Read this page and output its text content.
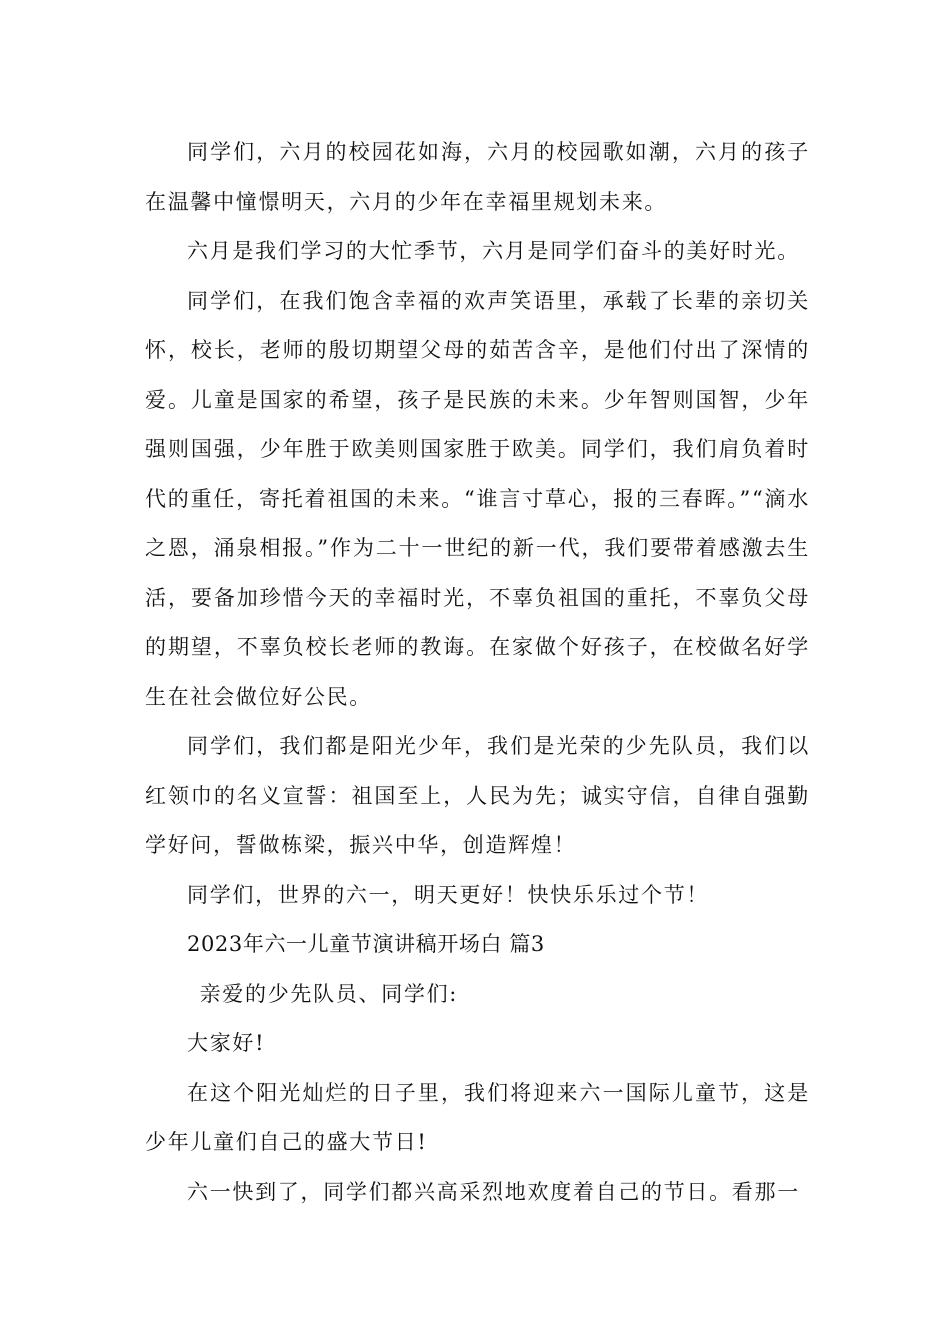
同学们，六月的校园花如海，六月的校园歌如潮，六月的孩子在温馨中憧憬明天，六月的少年在幸福里规划未来。

六月是我们学习的大忙季节，六月是同学们奋斗的美好时光。

同学们，在我们饱含幸福的欢声笑语里，承载了长辈的亲切关怀，校长，老师的殷切期望父母的茹苦含辛，是他们付出了深情的爱。儿童是国家的希望，孩子是民族的未来。少年智则国智，少年强则国强，少年胜于欧美则国家胜于欧美。同学们，我们肩负着时代的重任，寄托着祖国的未来。“谁言寸草心，报的三春晖。”“滴水之恩，涌泉相报。”作为二十一世纪的新一代，我们要带着感激去生活，要备加珍惜今天的幸福时光，不辜负祖国的重托，不辜负父母的期望，不辜负校长老师的教诲。在家做个好孩子，在校做名好学生在社会做位好公民。

同学们，我们都是阳光少年，我们是光荣的少先队员，我们以红领巾的名义宣誓：祖国至上，人民为先；诚实守信，自律自强勤学好问，誓做栋梁，振兴中华，创造辉煌！

同学们，世界的六一，明天更好！快快乐乐过个节！

2023年六一儿童节演讲稿开场白 篇3

亲爱的少先队员、同学们:

大家好!

在这个阳光灿烂的日子里，我们将迎来六一国际儿童节，这是少年儿童们自己的盛大节日!

六一快到了，同学们都兴高采烈地欢度着自己的节日。看那一
